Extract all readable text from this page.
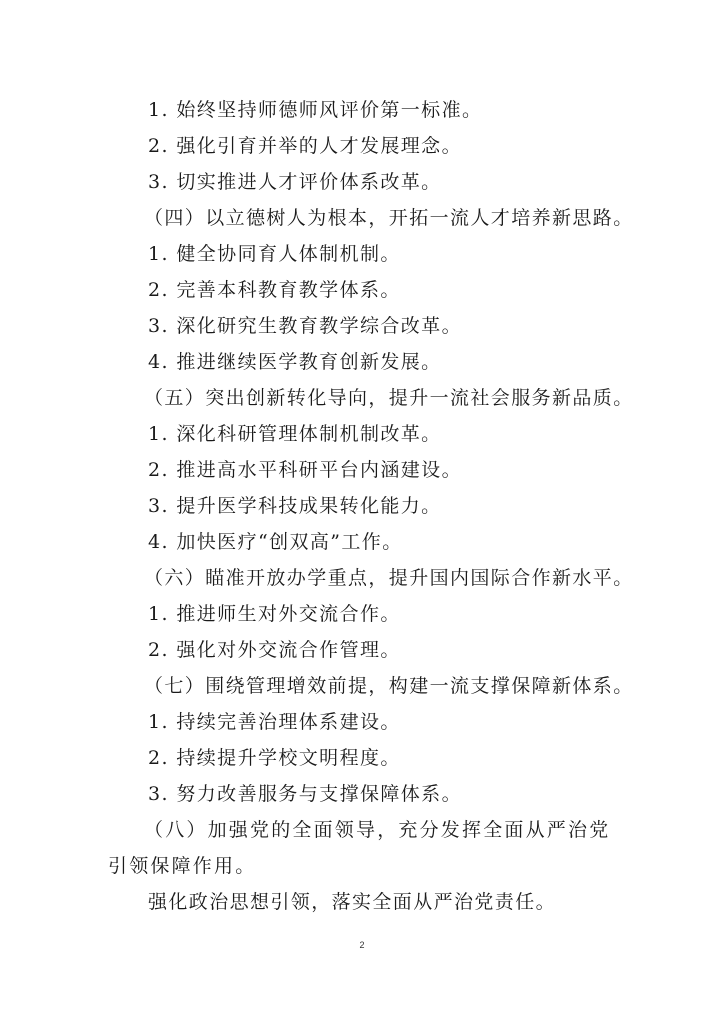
1. 始终坚持师德师风评价第一标准。
2. 强化引育并举的人才发展理念。
3. 切实推进人才评价体系改革。
（四）以立德树人为根本，开拓一流人才培养新思路。
1. 健全协同育人体制机制。
2. 完善本科教育教学体系。
3. 深化研究生教育教学综合改革。
4. 推进继续医学教育创新发展。
（五）突出创新转化导向，提升一流社会服务新品质。
1. 深化科研管理体制机制改革。
2. 推进高水平科研平台内涵建设。
3. 提升医学科技成果转化能力。
4. 加快医疗“创双高”工作。
（六）瞄准开放办学重点，提升国内国际合作新水平。
1. 推进师生对外交流合作。
2. 强化对外交流合作管理。
（七）围绕管理增效前提，构建一流支撑保障新体系。
1. 持续完善治理体系建设。
2. 持续提升学校文明程度。
3. 努力改善服务与支撑保障体系。
（八）加强党的全面领导，充分发挥全面从严治党引领保障作用。
强化政治思想引领，落实全面从严治党责任。
2
